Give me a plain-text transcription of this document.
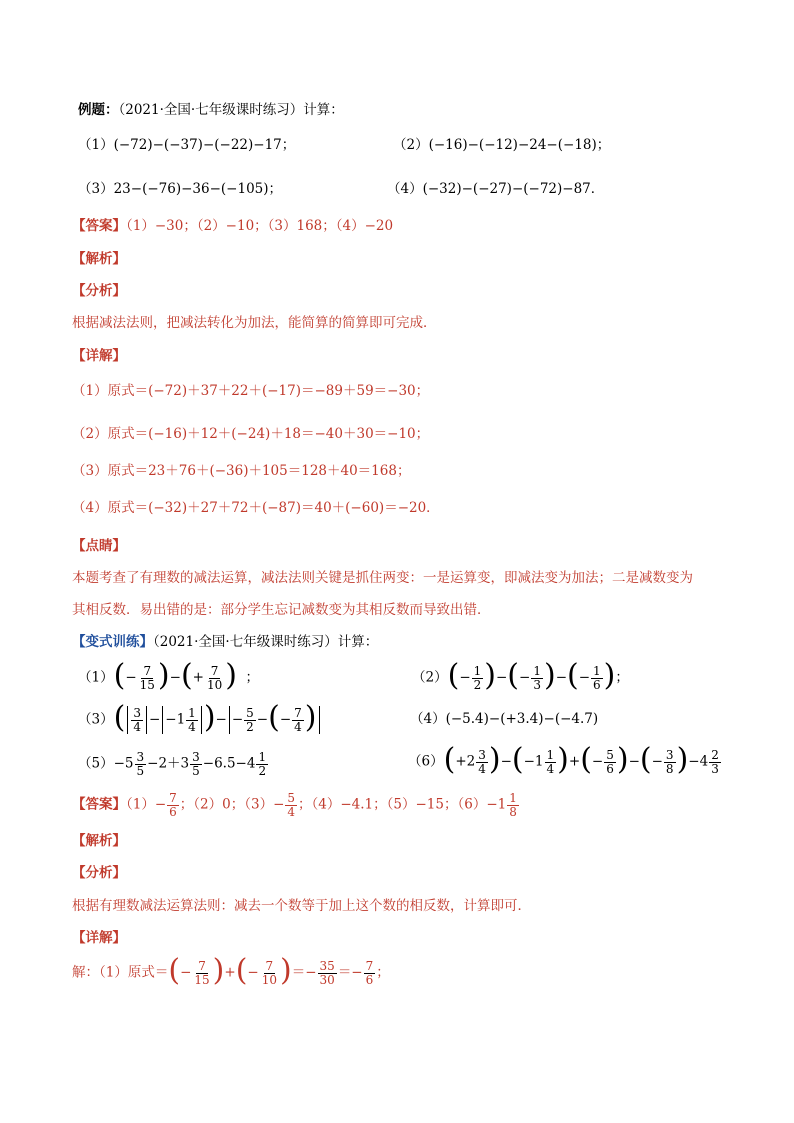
例题：（2021·全国·七年级课时练习）计算：
（1）(−72)−(−37)−(−22)−17；	（2）(−16)−(−12)−24−(−18)；
（3）23−(−76)−36−(−105)；	（4）(−32)−(−27)−(−72)−87．
【答案】（1）−30；（2）−10；（3）168；（4）−20
【解析】
【分析】
根据减法法则，把减法转化为加法，能简算的简算即可完成．
【详解】
（1）原式＝(−72)＋37＋22＋(−17)＝−89＋59＝−30；
（2）原式＝(−16)＋12＋(−24)＋18＝−40＋30＝−10；
（3）原式＝23＋76＋(−36)＋105＝128＋40＝168；
（4）原式＝(−32)＋27＋72＋(−87)＝40＋(−60)＝−20．
【点睛】
本题考查了有理数的减法运算，减法法则关键是抓住两变：一是运算变，即减法变为加法；二是减数变为
其相反数．易出错的是：部分学生忘记减数变为其相反数而导致出错．
【变式训练】（2021·全国·七年级课时练习）计算：
$(1)(- \frac{7}{15}$ )−(+ $\frac{7}{10}$ )  ；	$(2)(- \frac{1}{2}$ )−(− $\frac{1}{3}$ )−(− $\frac{1}{6}$ )；
$(3)( \frac{3}{4} - -1 \frac{1}{4}$ )− − $\frac{5}{2}$ −(− $\frac{7}{4}$ )	（4）(−5.4)−(+3.4)−(−4.7)
$(5)-5 \frac{3}{5} -2+3 \frac{3}{5} -6.5-4 \frac{1}{2}$	$(6)(+2 \frac{3}{4} )-(-1 \frac{1}{4}$ )+(− $\frac{5}{6}$ )−(− $\frac{3}{8} )-4 \frac{2}{3}$
【答案】$(1)- \frac{7}{6}$ ；（2）0；$(3)- \frac{5}{4}$ ；（4）−4.1；（5）−15；$(6)-1 \frac{1}{8}$
【解析】
【分析】
根据有理数减法运算法则：减去一个数等于加上这个数的相反数，计算即可．
【详解】
解：（1）原式＝(− $\frac{7}{15}$ )+(− $\frac{7}{10}$ )＝− $\frac{35}{30} =- \frac{7}{6}$ ；
